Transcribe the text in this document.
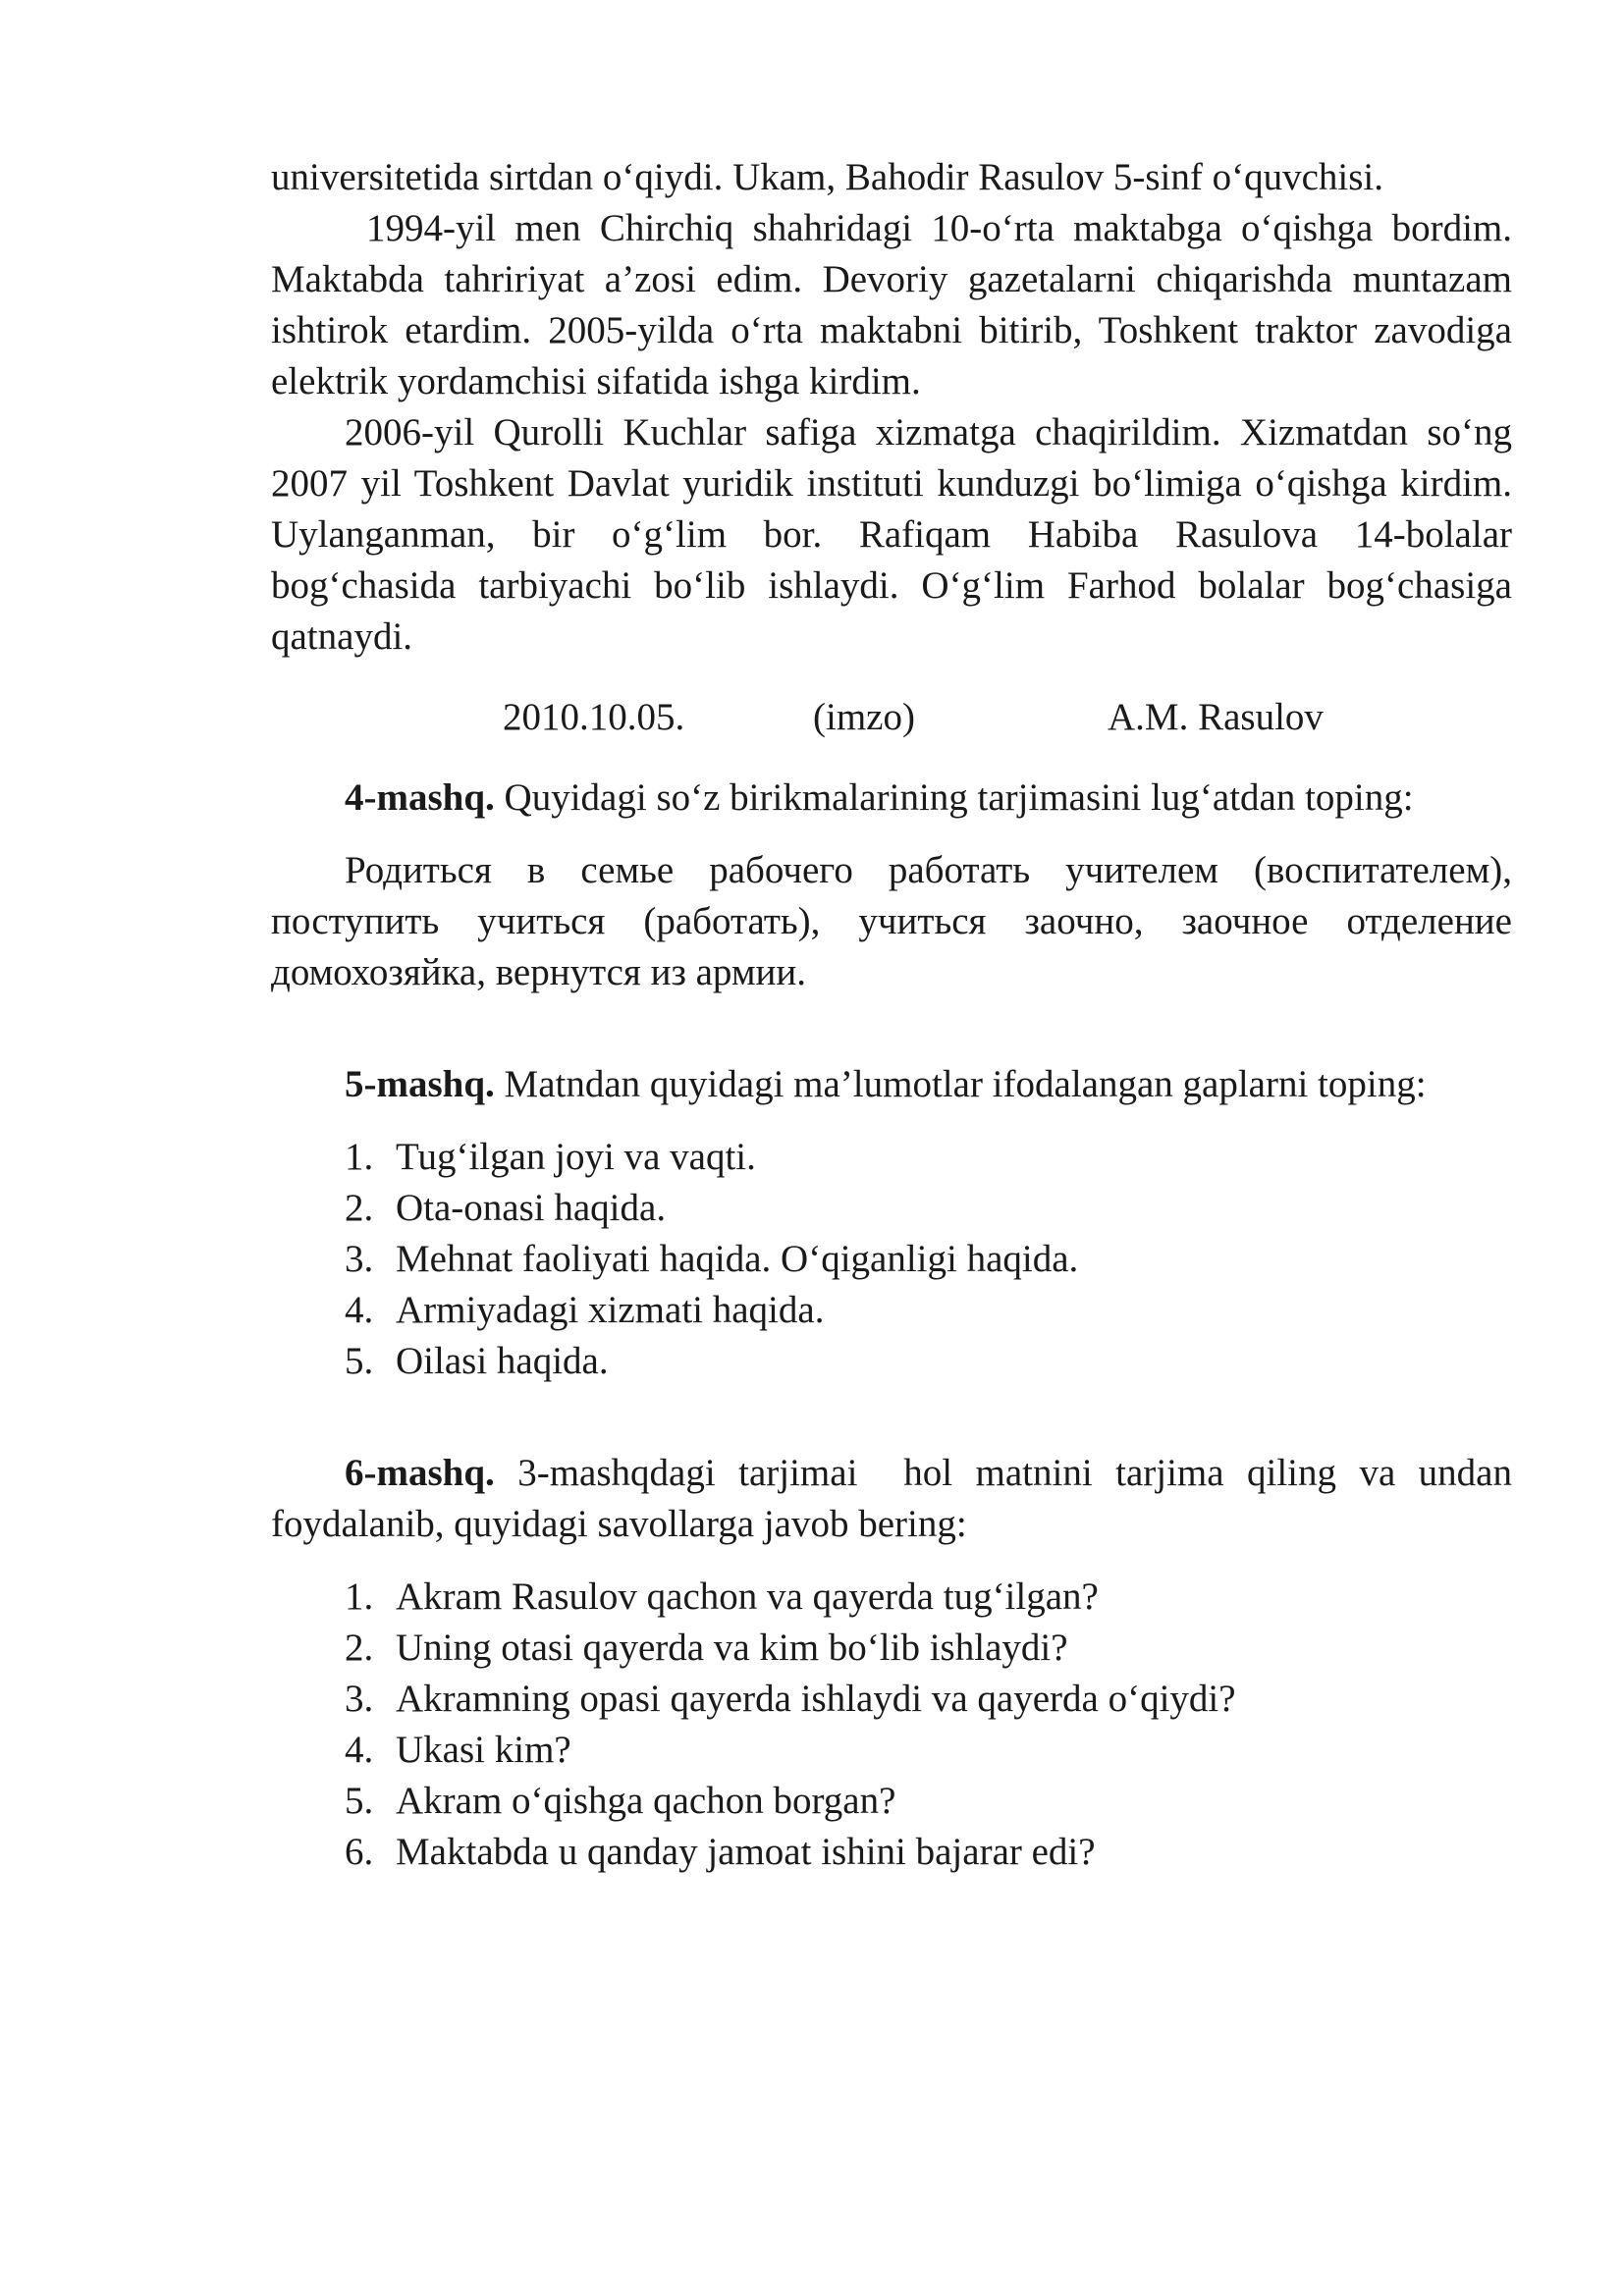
universitetida sirtdan o‘qiydi. Ukam, Bahodir Rasulov 5-sinf o‘quvchisi.

1994-yil men Chirchiq shahridagi 10-o‘rta maktabga o‘qishga bordim. Maktabda tahririyat a’zosi edim. Devoriy gazetalarni chiqarishda muntazam ishtirok etardim. 2005-yilda o‘rta maktabni bitirib, Toshkent traktor zavodiga elektrik yordamchisi sifatida ishga kirdim.

2006-yil Qurolli Kuchlar safiga xizmatga chaqirildim. Xizmatdan so‘ng 2007 yil Toshkent Davlat yuridik instituti kunduzgi bo‘limiga o‘qishga kirdim. Uylanganman, bir o‘g‘lim bor. Rafiqam Habiba Rasulova 14-bolalar bog‘chasida tarbiyachi bo‘lib ishlaydi. O‘g‘lim Farhod bolalar bog‘chasiga qatnaydi.

2010.10.05.	(imzo)	A.M. Rasulov

4-mashq. Quyidagi so‘z birikmalarining tarjimasini lug‘atdan toping:

Родиться в семье рабочего работать учителем (воспитателем), поступить учиться (работать), учиться заочно, заочное отделение домохозяйка, вернутся из армии.

5-mashq. Matndan quyidagi ma’lumotlar ifodalangan gaplarni toping:

1. Tug‘ilgan joyi va vaqti.
2. Ota-onasi haqida.
3. Mehnat faoliyati haqida. O‘qiganligi haqida.
4. Armiyadagi xizmati haqida.
5. Oilasi haqida.

6-mashq. 3-mashqdagi tarjimai  hol matnini tarjima qiling va undan foydalanib, quyidagi savollarga javob bering:

1. Akram Rasulov qachon va qayerda tug‘ilgan?
2. Uning otasi qayerda va kim bo‘lib ishlaydi?
3. Akramning opasi qayerda ishlaydi va qayerda o‘qiydi?
4. Ukasi kim?
5. Akram o‘qishga qachon borgan?
6. Maktabda u qanday jamoat ishini bajarar edi?
